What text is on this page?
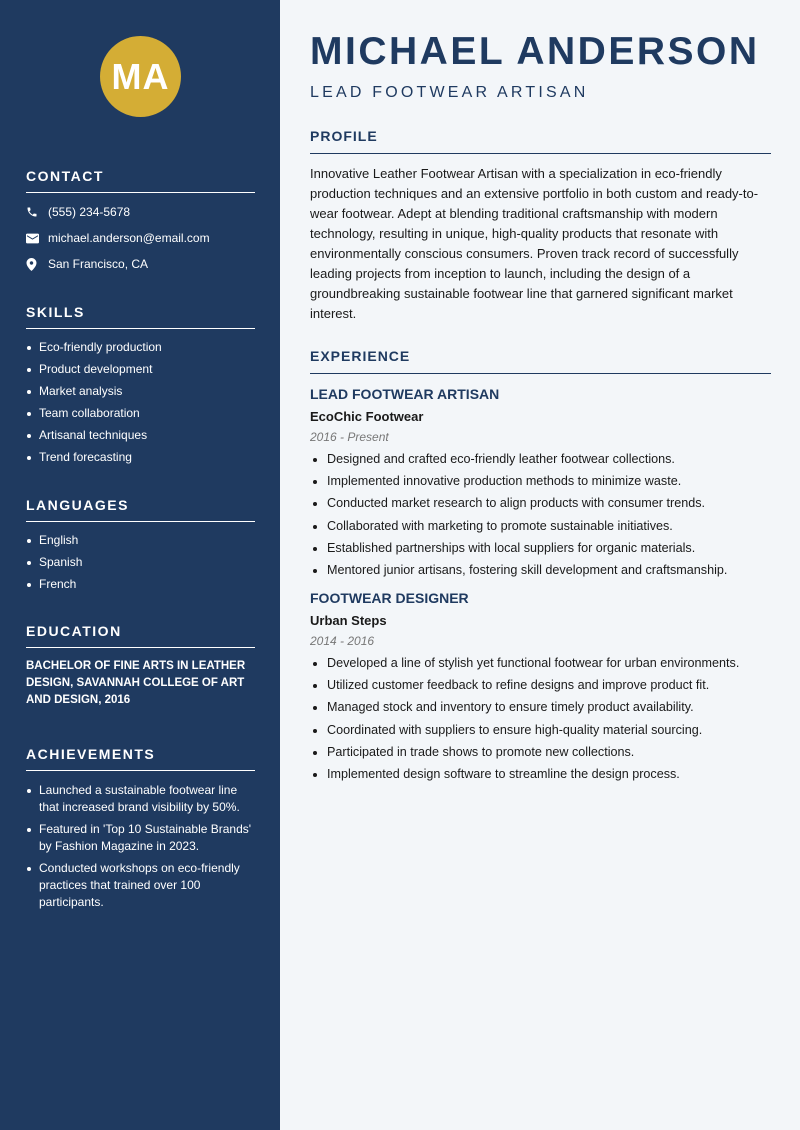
MA
CONTACT
(555) 234-5678
michael.anderson@email.com
San Francisco, CA
SKILLS
Eco-friendly production
Product development
Market analysis
Team collaboration
Artisanal techniques
Trend forecasting
LANGUAGES
English
Spanish
French
EDUCATION

BACHELOR OF FINE ARTS IN LEATHER DESIGN, SAVANNAH COLLEGE OF ART AND DESIGN, 2016

ACHIEVEMENTS
Launched a sustainable footwear line that increased brand visibility by 50%.
Featured in 'Top 10 Sustainable Brands' by Fashion Magazine in 2023.
Conducted workshops on eco-friendly practices that trained over 100 participants.
MICHAEL ANDERSON
LEAD FOOTWEAR ARTISAN
PROFILE

Innovative Leather Footwear Artisan with a specialization in eco-friendly production techniques and an extensive portfolio in both custom and ready-to-wear footwear. Adept at blending traditional craftsmanship with modern technology, resulting in unique, high-quality products that resonate with environmentally conscious consumers. Proven track record of successfully leading projects from inception to launch, including the design of a groundbreaking sustainable footwear line that garnered significant market interest.

EXPERIENCE
LEAD FOOTWEAR ARTISAN
EcoChic Footwear
2016 - Present
Designed and crafted eco-friendly leather footwear collections.
Implemented innovative production methods to minimize waste.
Conducted market research to align products with consumer trends.
Collaborated with marketing to promote sustainable initiatives.
Established partnerships with local suppliers for organic materials.
Mentored junior artisans, fostering skill development and craftsmanship.
FOOTWEAR DESIGNER
Urban Steps
2014 - 2016
Developed a line of stylish yet functional footwear for urban environments.
Utilized customer feedback to refine designs and improve product fit.
Managed stock and inventory to ensure timely product availability.
Coordinated with suppliers to ensure high-quality material sourcing.
Participated in trade shows to promote new collections.
Implemented design software to streamline the design process.
